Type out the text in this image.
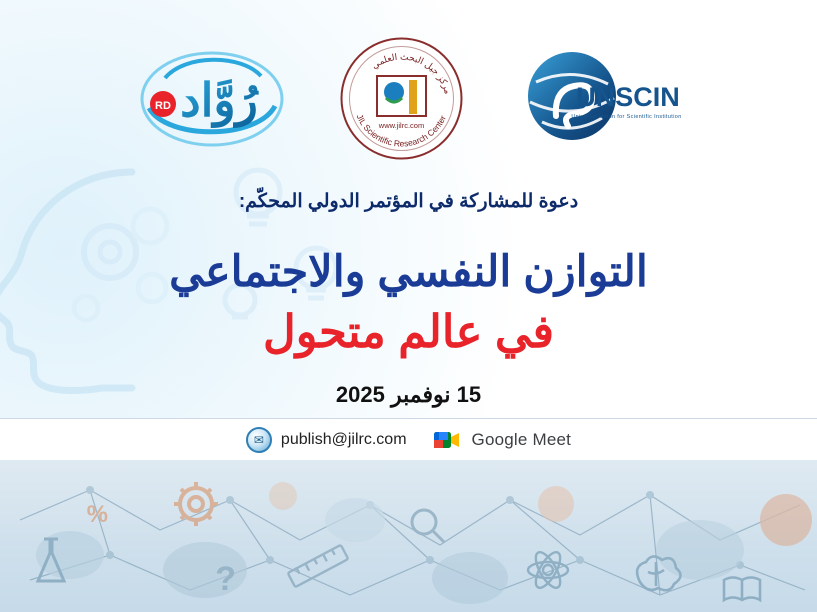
رُوَّاد
RD
مركز جيل البحث العلمي
JIL Scientific Research Center
www.jilrc.com
UNSCIN
Universal Union for Scientific Institutions
دعوة للمشاركة في المؤتمر الدولي المحكّم:
التوازن النفسي والاجتماعي
في عالم متحول
15 نوفمبر 2025
✉	publish@jilrc.com	Google Meet
?
%
